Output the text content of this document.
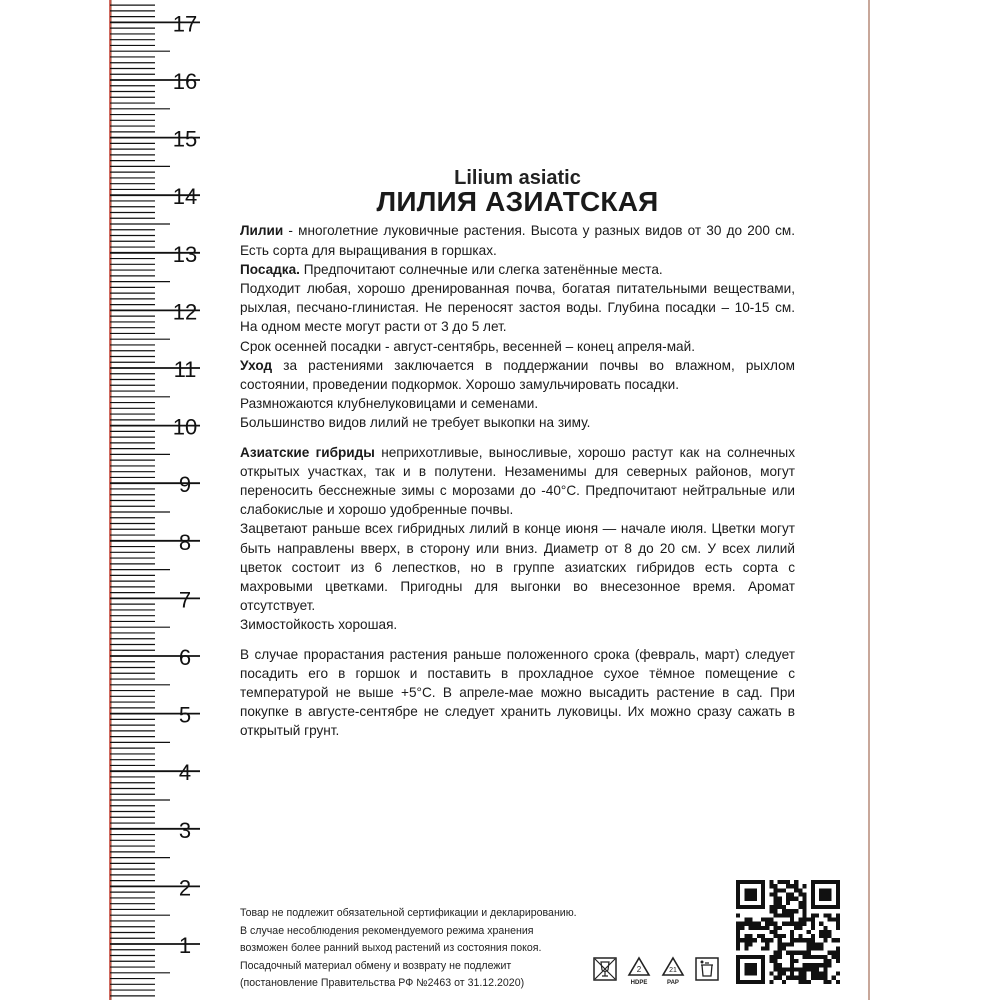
1
2
3
4
5
6
7
8
9
10
11
12
13
14
15
16
17
Lilium asiatic
ЛИЛИЯ АЗИАТСКАЯ

Лилии - многолетние луковичные растения. Высота у разных видов от 30 до 200 см. Есть сорта для выращивания в горшках.

Посадка. Предпочитают солнечные или слегка затенённые места.

Подходит любая, хорошо дренированная почва, богатая питательными веществами, рыхлая, песчано-глинистая. Не переносят застоя воды. Глубина посадки – 10-15 см. На одном месте могут расти от 3 до 5 лет.

Срок осенней посадки - август-сентябрь, весенней – конец апреля-май.

Уход за растениями заключается в поддержании почвы во влажном, рыхлом состоянии, проведении подкормок. Хорошо замульчировать посадки.

Размножаются клубнелуковицами и семенами.

Большинство видов лилий не требует выкопки на зиму.

Азиатские гибриды неприхотливые, выносливые, хорошо растут как на солнечных открытых участках, так и в полутени. Незаменимы для северных районов, могут переносить бесснежные зимы с морозами до -40°С. Предпочитают нейтральные или слабокислые и хорошо удобренные почвы.

Зацветают раньше всех гибридных лилий в конце июня — начале июля. Цветки могут быть направлены вверх, в сторону или вниз. Диаметр от 8 до 20 см. У всех лилий цветок состоит из 6 лепестков, но в группе азиатских гибридов есть сорта с махровыми цветками. Пригодны для выгонки во внесезонное время. Аромат отсутствует.

Зимостойкость хорошая.

В случае прорастания растения раньше положенного срока (февраль, март) следует посадить его в горшок и поставить в прохладное сухое тёмное помещение с температурой не выше +5°С. В апреле-мае можно высадить растение в сад. При покупке в августе-сентябре не следует хранить луковицы. Их можно сразу сажать в открытый грунт.

Товар не подлежит обязательной сертификации и декларированию.
В случае несоблюдения рекомендуемого режима хранения
возможен более ранний выход растений из состояния покоя.
Посадочный материал обмену и возврату не подлежит
(постановление Правительства РФ №2463 от 31.12.2020)
2
HDPE
21
PAP
